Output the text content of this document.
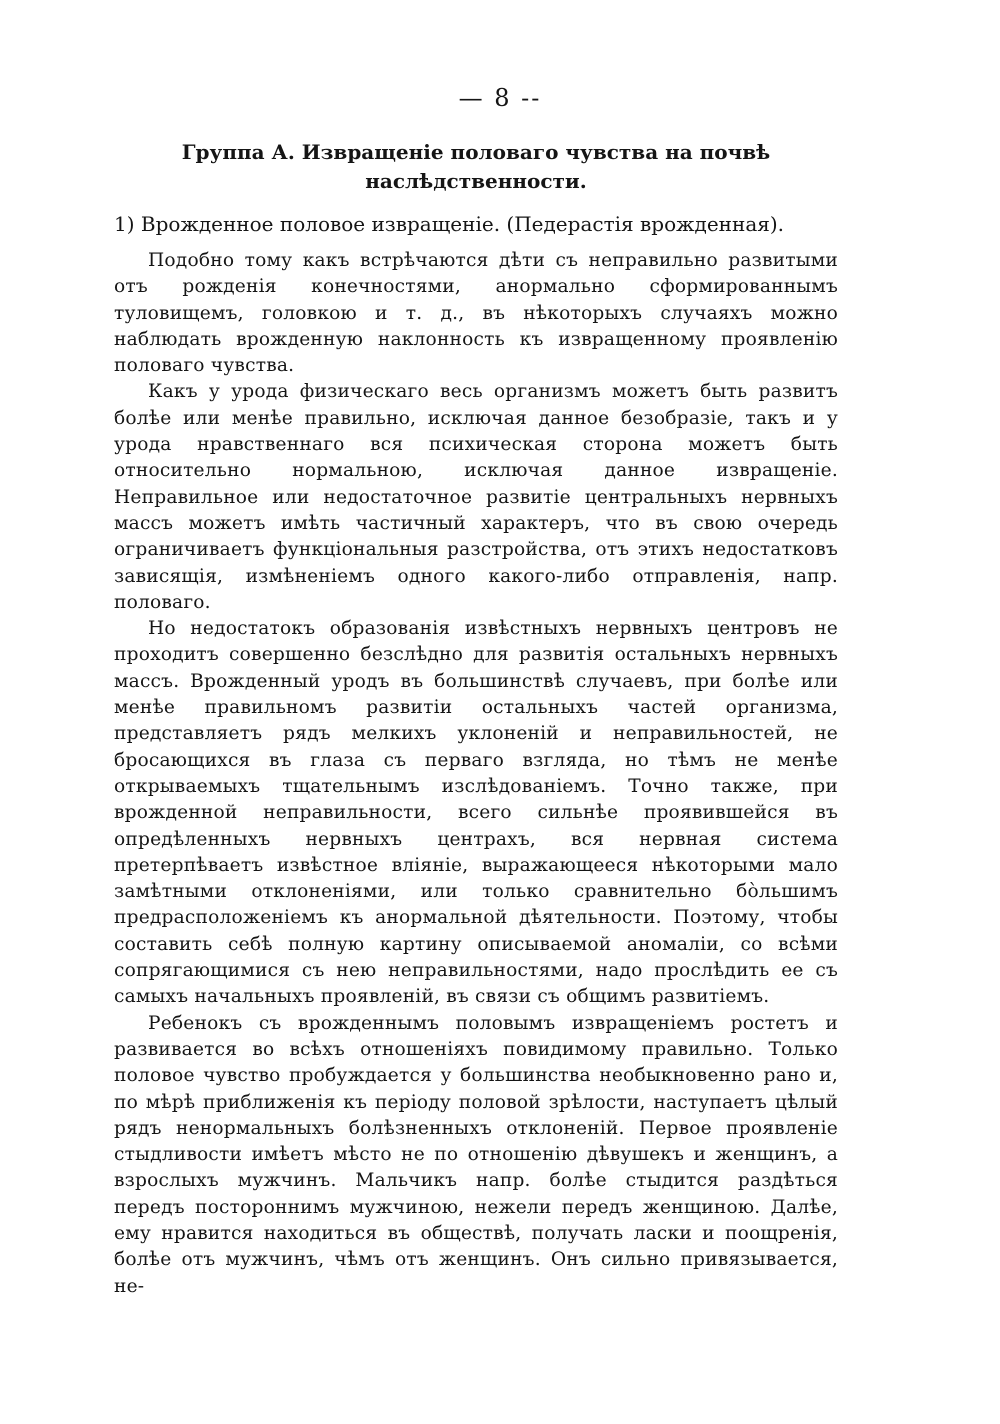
— 8 --
Группа А. Извращеніе половаго чувства на почвѣ наслѣдственности.

1) Врожденное половое извращеніе. (Педерастія врожденная).

Подобно тому какъ встрѣчаются дѣти съ неправильно развитыми отъ рожденія конечностями, анормально сформированнымъ туловищемъ, головкою и т. д., въ нѣкоторыхъ случаяхъ можно наблюдать врожденную наклонность къ извращенному проявленію половаго чувства.

Какъ у урода физическаго весь организмъ можетъ быть развитъ болѣе или менѣе правильно, исключая данное безобразіе, такъ и у урода нравственнаго вся психическая сторона можетъ быть относительно нормальною, исключая данное извращеніе. Неправильное или недостаточное развитіе центральныхъ нервныхъ массъ можетъ имѣть частичный характеръ, что въ свою очередь ограничиваетъ функціональныя разстройства, отъ этихъ недостатковъ зависящія, измѣненіемъ одного какого-либо отправленія, напр. половаго.

Но недостатокъ образованія извѣстныхъ нервныхъ центровъ не проходитъ совершенно безслѣдно для развитія остальныхъ нервныхъ массъ. Врожденный уродъ въ большинствѣ случаевъ, при болѣе или менѣе правильномъ развитіи остальныхъ частей организма, представляетъ рядъ мелкихъ уклоненій и неправильностей, не бросающихся въ глаза съ перваго взгляда, но тѣмъ не менѣе открываемыхъ тщательнымъ изслѣдованіемъ. Точно также, при врожденной неправильности, всего сильнѣе проявившейся въ опредѣленныхъ нервныхъ центрахъ, вся нервная система претерпѣваетъ извѣстное вліяніе, выражающееся нѣкоторыми мало замѣтными отклоненіями, или только сравнительно бо̀льшимъ предрасположеніемъ къ анормальной дѣятельности. Поэтому, чтобы составить себѣ полную картину описываемой аномаліи, со всѣми сопрягающимися съ нею неправильностями, надо прослѣдить ее съ самыхъ начальныхъ проявленій, въ связи съ общимъ развитіемъ.

Ребенокъ съ врожденнымъ половымъ извращеніемъ ростетъ и развивается во всѣхъ отношеніяхъ повидимому правильно. Только половое чувство пробуждается у большинства необыкновенно рано и, по мѣрѣ приближенія къ періоду половой зрѣлости, наступаетъ цѣлый рядъ ненормальныхъ болѣзненныхъ отклоненій. Первое проявленіе стыдливости имѣетъ мѣсто не по отношенію дѣвушекъ и женщинъ, а взрослыхъ мужчинъ. Мальчикъ напр. болѣе стыдится раздѣться передъ постороннимъ мужчиною, нежели передъ женщиною. Далѣе, ему нравится находиться въ обществѣ, получать ласки и поощренія, болѣе отъ мужчинъ, чѣмъ отъ женщинъ. Онъ сильно привязывается, не-
